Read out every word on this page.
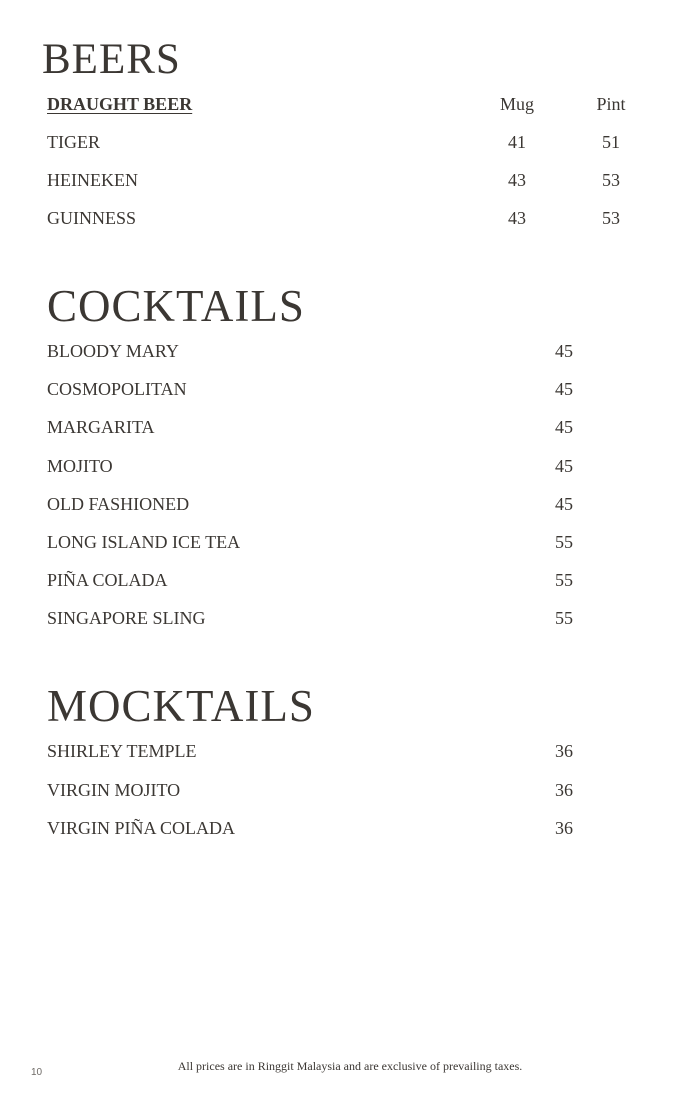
BEERS
DRAUGHT BEER	Mug	Pint
TIGER	41	51
HEINEKEN	43	53
GUINNESS	43	53
COCKTAILS
BLOODY MARY	45
COSMOPOLITAN	45
MARGARITA	45
MOJITO	45
OLD FASHIONED	45
LONG ISLAND ICE TEA	55
PIÑA COLADA	55
SINGAPORE SLING	55
MOCKTAILS
SHIRLEY TEMPLE	36
VIRGIN MOJITO	36
VIRGIN PIÑA COLADA	36
All prices are in Ringgit Malaysia and are exclusive of prevailing taxes.
10
